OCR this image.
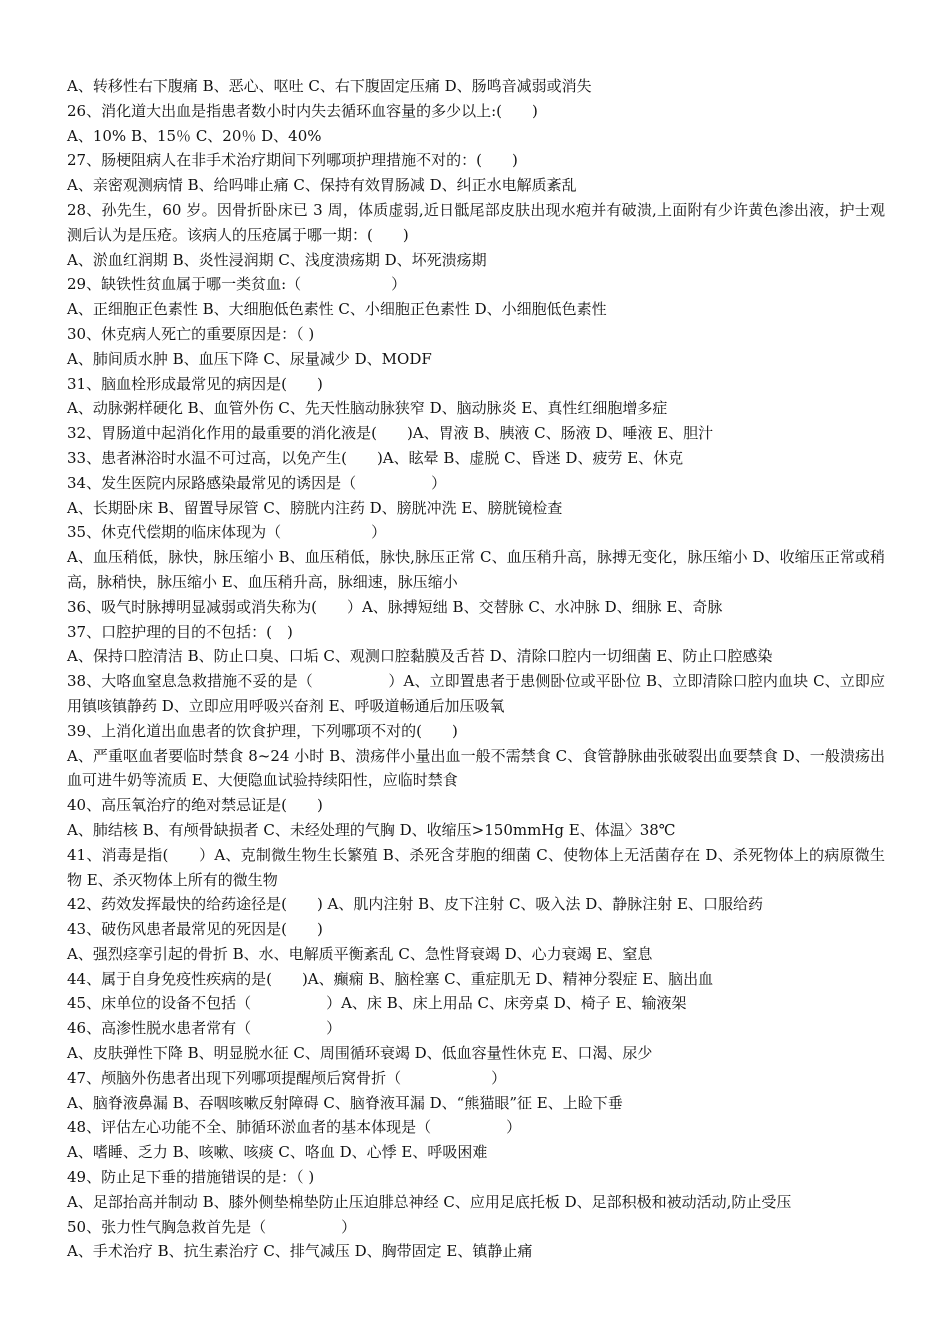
A、转移性右下腹痛 B、恶心、呕吐 C、右下腹固定压痛 D、肠鸣音减弱或消失

26、消化道大出血是指患者数小时内失去循环血容量的多少以上:(　　)

A、10% B、15％ C、20％ D、40%

27、肠梗阻病人在非手术治疗期间下列哪项护理措施不对的：(　　)

A、亲密观测病情 B、给吗啡止痛 C、保持有效胃肠减 D、纠正水电解质紊乱

28、孙先生，60 岁。因骨折卧床已 3 周，体质虚弱,近日骶尾部皮肤出现水疱并有破溃,上面附有少许黄色渗出液，护士观测后认为是压疮。该病人的压疮属于哪一期：(　　)

A、淤血红润期 B、炎性浸润期 C、浅度溃疡期 D、坏死溃疡期

29、缺铁性贫血属于哪一类贫血:（　　　　　　）

A、正细胞正色素性 B、大细胞低色素性 C、小细胞正色素性 D、小细胞低色素性

30、休克病人死亡的重要原因是：（ )

A、肺间质水肿 B、血压下降 C、尿量减少 D、MODF

31、脑血栓形成最常见的病因是(　　)

A、动脉粥样硬化 B、血管外伤 C、先天性脑动脉狭窄 D、脑动脉炎 E、真性红细胞增多症

32、胃肠道中起消化作用的最重要的消化液是(　　)A、胃液 B、胰液 C、肠液 D、唾液 E、胆汁

33、患者淋浴时水温不可过高，以免产生(　　)A、眩晕 B、虚脱 C、昏迷 D、疲劳 E、休克

34、发生医院内尿路感染最常见的诱因是（　　　　　）

A、长期卧床 B、留置导尿管 C、膀胱内注药 D、膀胱冲洗 E、膀胱镜检查

35、休克代偿期的临床体现为（　　　　　　）

A、血压稍低，脉快，脉压缩小 B、血压稍低，脉快,脉压正常 C、血压稍升高，脉搏无变化，脉压缩小 D、收缩压正常或稍高，脉稍快，脉压缩小 E、血压稍升高，脉细速，脉压缩小

36、吸气时脉搏明显减弱或消失称为(　　）A、脉搏短绌 B、交替脉 C、水冲脉 D、细脉 E、奇脉

37、口腔护理的目的不包括：(　)

A、保持口腔清洁 B、防止口臭、口垢 C、观测口腔黏膜及舌苔 D、清除口腔内一切细菌 E、防止口腔感染

38、大咯血窒息急救措施不妥的是（　　　　　）A、立即置患者于患侧卧位或平卧位 B、立即清除口腔内血块 C、立即应用镇咳镇静药 D、立即应用呼吸兴奋剂 E、呼吸道畅通后加压吸氧

39、上消化道出血患者的饮食护理，下列哪项不对的(　　)

A、严重呕血者要临时禁食 8~24 小时 B、溃疡伴小量出血一般不需禁食 C、食管静脉曲张破裂出血要禁食 D、一般溃疡出血可进牛奶等流质 E、大便隐血试验持续阳性，应临时禁食

40、高压氧治疗的绝对禁忌证是(　　)

A、肺结核 B、有颅骨缺损者 C、未经处理的气胸 D、收缩压>150mmHg E、体温〉38℃

41、消毒是指(　　）A、克制微生物生长繁殖 B、杀死含芽胞的细菌 C、使物体上无活菌存在 D、杀死物体上的病原微生物 E、杀灭物体上所有的微生物

42、药效发挥最快的给药途径是(　　) A、肌内注射 B、皮下注射 C、吸入法 D、静脉注射 E、口服给药

43、破伤风患者最常见的死因是(　　)

A、强烈痉挛引起的骨折 B、水、电解质平衡紊乱 C、急性肾衰竭 D、心力衰竭 E、窒息

44、属于自身免疫性疾病的是(　　)A、癫痫 B、脑栓塞 C、重症肌无 D、精神分裂症 E、脑出血

45、床单位的设备不包括（　　　　　）A、床 B、床上用品 C、床旁桌 D、椅子 E、输液架

46、高渗性脱水患者常有（　　　　　）

A、皮肤弹性下降 B、明显脱水征 C、周围循环衰竭 D、低血容量性休克 E、口渴、尿少

47、颅脑外伤患者出现下列哪项提醒颅后窝骨折（　　　　　　）

A、脑脊液鼻漏 B、吞咽咳嗽反射障碍 C、脑脊液耳漏 D、“熊猫眼”征 E、上睑下垂

48、评估左心功能不全、肺循环淤血者的基本体现是（　　　　　）

A、嗜睡、乏力 B、咳嗽、咳痰 C、咯血 D、心悸 E、呼吸困难

49、防止足下垂的措施错误的是：（ )

A、足部抬高并制动 B、膝外侧垫棉垫防止压迫腓总神经 C、应用足底托板 D、足部积极和被动活动,防止受压

50、张力性气胸急救首先是（　　　　　）

A、手术治疗 B、抗生素治疗 C、排气减压 D、胸带固定 E、镇静止痛
